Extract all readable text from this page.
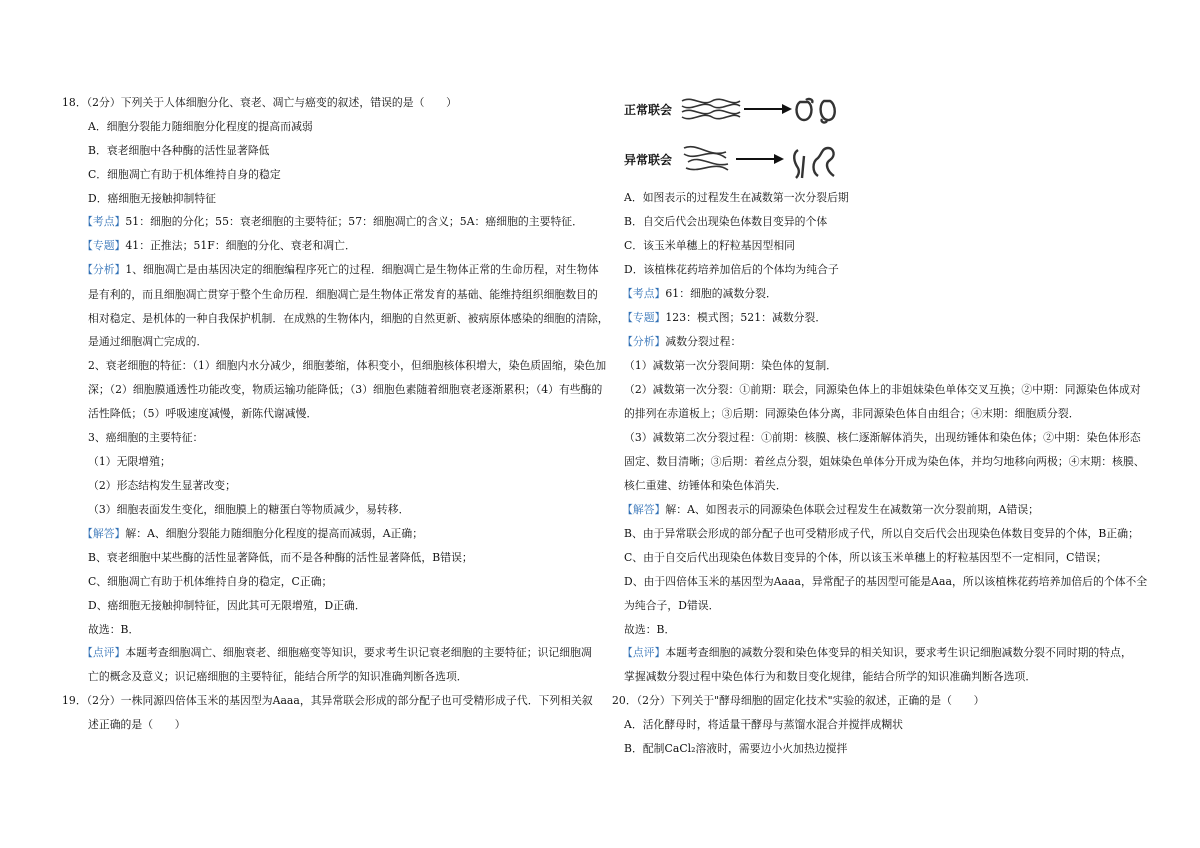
18．（2分）下列关于人体细胞分化、衰老、凋亡与癌变的叙述，错误的是（　　）
A．细胞分裂能力随细胞分化程度的提高而减弱
B．衰老细胞中各种酶的活性显著降低
C．细胞凋亡有助于机体维持自身的稳定
D．癌细胞无接触抑制特征
【考点】51：细胞的分化；55：衰老细胞的主要特征；57：细胞凋亡的含义；5A：癌细胞的主要特征．
【专题】41：正推法；51F：细胞的分化、衰老和凋亡．
【分析】1、细胞凋亡是由基因决定的细胞编程序死亡的过程．细胞凋亡是生物体正常的生命历程，对生物体
是有利的，而且细胞凋亡贯穿于整个生命历程．细胞凋亡是生物体正常发育的基础、能维持组织细胞数目的
相对稳定、是机体的一种自我保护机制．在成熟的生物体内，细胞的自然更新、被病原体感染的细胞的清除，
是通过细胞凋亡完成的．
2、衰老细胞的特征：（1）细胞内水分减少，细胞萎缩，体积变小，但细胞核体积增大，染色质固缩，染色加
深；（2）细胞膜通透性功能改变，物质运输功能降低；（3）细胞色素随着细胞衰老逐渐累积；（4）有些酶的
活性降低；（5）呼吸速度减慢，新陈代谢减慢．
3、癌细胞的主要特征：
（1）无限增殖；
（2）形态结构发生显著改变；
（3）细胞表面发生变化，细胞膜上的糖蛋白等物质减少，易转移．
【解答】解：A、细胞分裂能力随细胞分化程度的提高而减弱，A正确；
B、衰老细胞中某些酶的活性显著降低，而不是各种酶的活性显著降低，B错误；
C、细胞凋亡有助于机体维持自身的稳定，C正确；
D、癌细胞无接触抑制特征，因此其可无限增殖，D正确．
故选：B．
【点评】本题考查细胞凋亡、细胞衰老、细胞癌变等知识，要求考生识记衰老细胞的主要特征；识记细胞凋
亡的概念及意义；识记癌细胞的主要特征，能结合所学的知识准确判断各选项．
19．（2分）一株同源四倍体玉米的基因型为Aaaa，其异常联会形成的部分配子也可受精形成子代．下列相关叙
述正确的是（　　）
正常联会
异常联会
A．如图表示的过程发生在减数第一次分裂后期
B．自交后代会出现染色体数目变异的个体
C．该玉米单穗上的籽粒基因型相同
D．该植株花药培养加倍后的个体均为纯合子
【考点】61：细胞的减数分裂．
【专题】123：模式图；521：减数分裂．
【分析】减数分裂过程：
（1）减数第一次分裂间期：染色体的复制．
（2）减数第一次分裂：①前期：联会，同源染色体上的非姐妹染色单体交叉互换；②中期：同源染色体成对
的排列在赤道板上；③后期：同源染色体分离，非同源染色体自由组合；④末期：细胞质分裂．
（3）减数第二次分裂过程：①前期：核膜、核仁逐渐解体消失，出现纺锤体和染色体；②中期：染色体形态
固定、数目清晰；③后期：着丝点分裂，姐妹染色单体分开成为染色体，并均匀地移向两极；④末期：核膜、
核仁重建、纺锤体和染色体消失．
【解答】解：A、如图表示的同源染色体联会过程发生在减数第一次分裂前期，A错误；
B、由于异常联会形成的部分配子也可受精形成子代，所以自交后代会出现染色体数目变异的个体，B正确；
C、由于自交后代出现染色体数目变异的个体，所以该玉米单穗上的籽粒基因型不一定相同，C错误；
D、由于四倍体玉米的基因型为Aaaa，异常配子的基因型可能是Aaa，所以该植株花药培养加倍后的个体不全
为纯合子，D错误．
故选：B．
【点评】本题考查细胞的减数分裂和染色体变异的相关知识，要求考生识记细胞减数分裂不同时期的特点，
掌握减数分裂过程中染色体行为和数目变化规律，能结合所学的知识准确判断各选项．
20．（2分）下列关于"酵母细胞的固定化技术"实验的叙述，正确的是（　　）
A．活化酵母时，将适量干酵母与蒸馏水混合并搅拌成糊状
B．配制CaCl₂溶液时，需要边小火加热边搅拌
